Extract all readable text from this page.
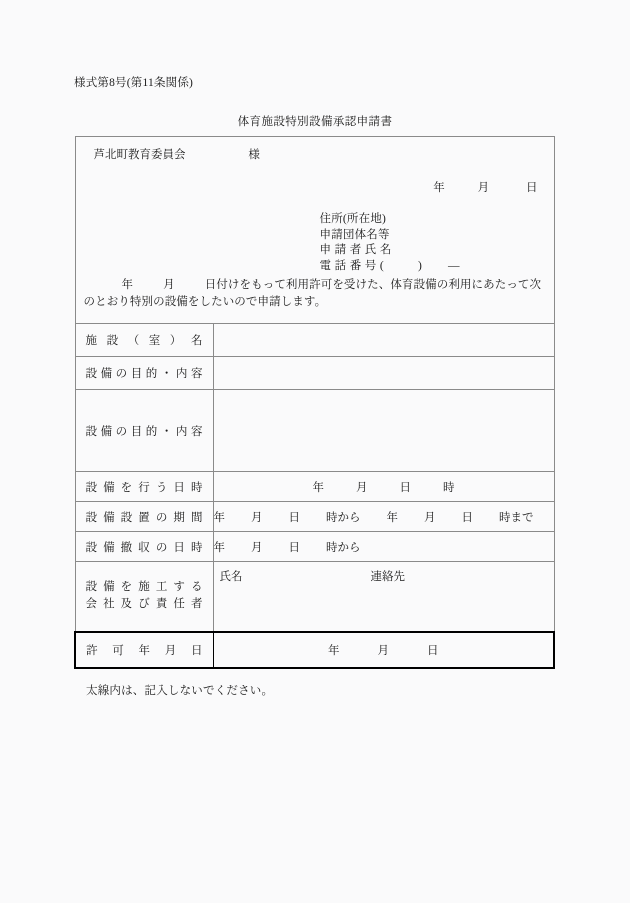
様式第8号(第11条関係)
体育施設特別設備承認申請書
芦北町教育委員会	様
年	月	日
住所(所在地)
申請団体名等
申請者氏名
電話番号(	) ―
年	月	日付けをもって利用許可を受けた、体育設備の利用にあたって次のとおり特別の設備をしたいので申請します。

施設（室）名	

設備の目的・内容	

設備の目的・内容	

設備を行う日時	年 月 日 時

設備設置の期間	年 月 日 時から 年 月 日 時まで

設備撤収の日時	年 月 日 時から

設備を施工する
会社及び責任者	氏名 連絡先

許可年月日	年 月 日
太線内は、記入しないでください。
